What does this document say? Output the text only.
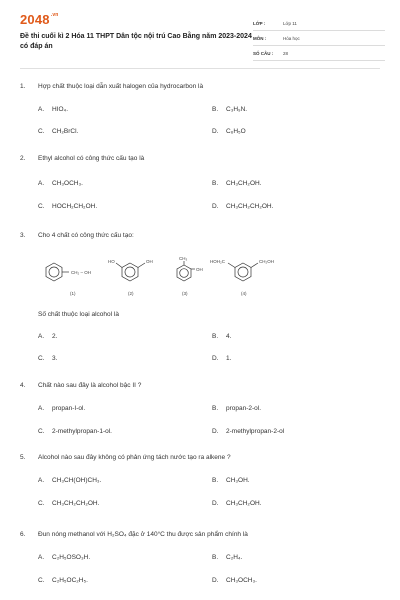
$2048^{.vn}$
Đề thi cuối kì 2 Hóa 11 THPT Dân tộc nội trú Cao Bằng năm 2023-2024 có đáp án
LỚP :	Lớp 11
MÔN :	Hóa học
SỐ CÂU :	28
1.	Hợp chất thuộc loại dẫn xuất halogen của hydrocarbon là
A. HIO₄.	B. C₃H₉N.
C. CH₂BrCl.	D. C₆H₅O
2.	Ethyl alcohol có công thức cấu tạo là
A. CH₃OCH₃.	B. CH₃CH₂OH.
C. HOCH₂CH₂OH.	D. CH₃CH₂CH₂OH.
3.	Cho 4 chất có công thức cấu tạo:
CH₂ – OH
HO	OH
CH₃
OH
HOH₂C	CH₂OH
(1)	(2)	(3)	(4)
Số chất thuộc loại alcohol là
A. 2.	B. 4.
C. 3.	D. 1.
4.	Chất nào sau đây là alcohol bậc II ?
A. propan-I-ol.	B. propan-2-ol.
C. 2-methylpropan-1-ol.	D. 2-methylpropan-2-ol
5.	Alcohol nào sau đây không có phản ứng tách nước tạo ra alkene ?
A. CH₃CH(OH)CH₃.	B. CH₃OH.
C. CH₃CH₂CH₂OH.	D. CH₃CH₂OH.
6.	Đun nóng methanol với H₂SO₄ đặc ở 140°C thu được sản phẩm chính là
A. C₂H₅OSO₃H.	B. C₂H₄.
C. C₂H₅OC₂H₅.	D. CH₃OCH₃.
